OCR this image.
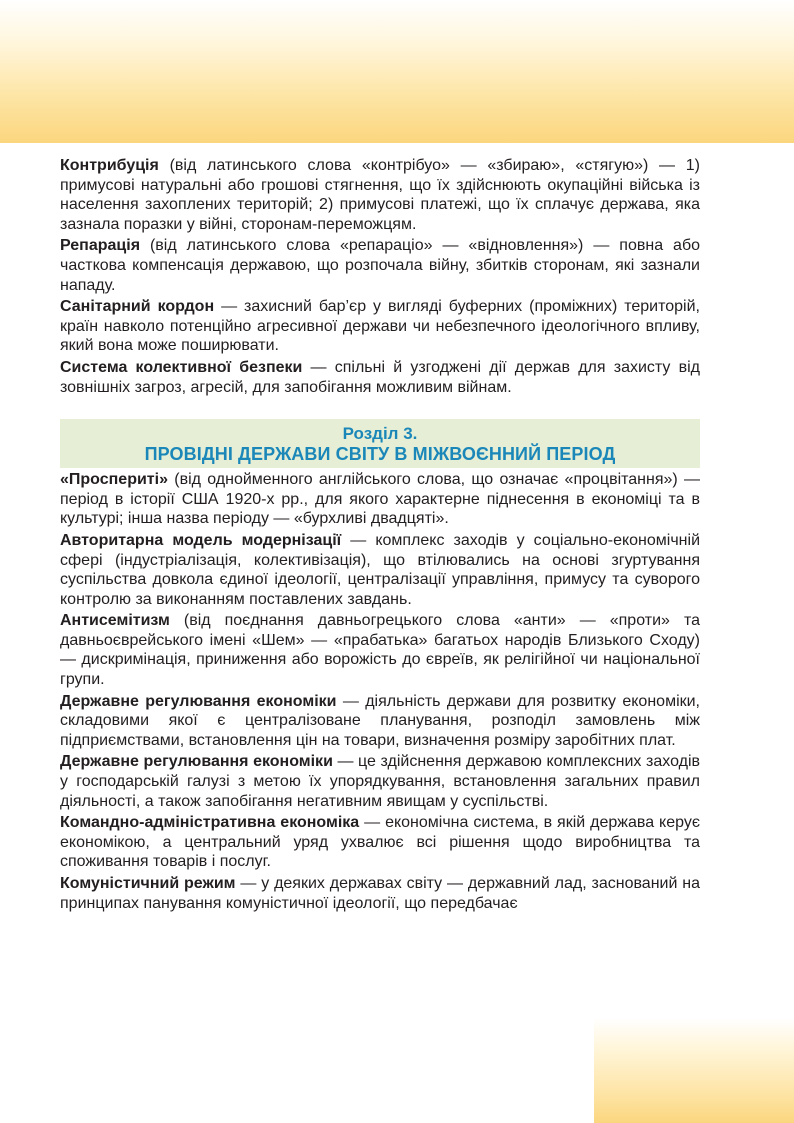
Контрибуція (від латинського слова «контрібуо» — «збираю», «стягую») — 1) примусові натуральні або грошові стягнення, що їх здійснюють окупаційні війська із населення захоплених територій; 2) примусові платежі, що їх сплачує держава, яка зазнала поразки у війні, сторонам-переможцям.

Репарація (від латинського слова «репараціо» — «відновлення») — повна або часткова компенсація державою, що розпочала війну, збитків сторонам, які зазнали нападу.

Санітарний кордон — захисний бар’єр у вигляді буферних (проміжних) територій, країн навколо потенційно агресивної держави чи небезпечного ідеологічного впливу, який вона може поширювати.

Система колективної безпеки — спільні й узгоджені дії держав для захисту від зовнішніх загроз, агресій, для запобігання можливим війнам.

Розділ 3.
ПРОВІДНІ ДЕРЖАВИ СВІТУ В МІЖВОЄННИЙ ПЕРІОД

«Проспериті» (від однойменного англійського слова, що означає «процвітання») — період в історії США 1920-х рр., для якого характерне піднесення в економіці та в культурі; інша назва періоду — «бурхливі двадцяті».

Авторитарна модель модернізації — комплекс заходів у соціально-економічній сфері (індустріалізація, колективізація), що втілювались на основі згуртування суспільства довкола єдиної ідеології, централізації управління, примусу та суворого контролю за виконанням поставлених завдань.

Антисемітизм (від поєднання давньогрецького слова «анти» — «проти» та давньоєврейського імені «Шем» — «прабатька» багатьох народів Близького Сходу) — дискримінація, приниження або ворожість до євреїв, як релігійної чи національної групи.

Державне регулювання економіки — діяльність держави для розвитку економіки, складовими якої є централізоване планування, розподіл замовлень між підприємствами, встановлення цін на товари, визначення розміру заробітних плат.

Державне регулювання економіки — це здійснення державою комплексних заходів у господарській галузі з метою їх упорядкування, встановлення загальних правил діяльності, а також запобігання негативним явищам у суспільстві.

Командно-адміністративна економіка — економічна система, в якій держава керує економікою, а центральний уряд ухвалює всі рішення щодо виробництва та споживання товарів і послуг.

Комуністичний режим — у деяких державах світу — державний лад, заснований на принципах панування комуністичної ідеології, що передбачає
